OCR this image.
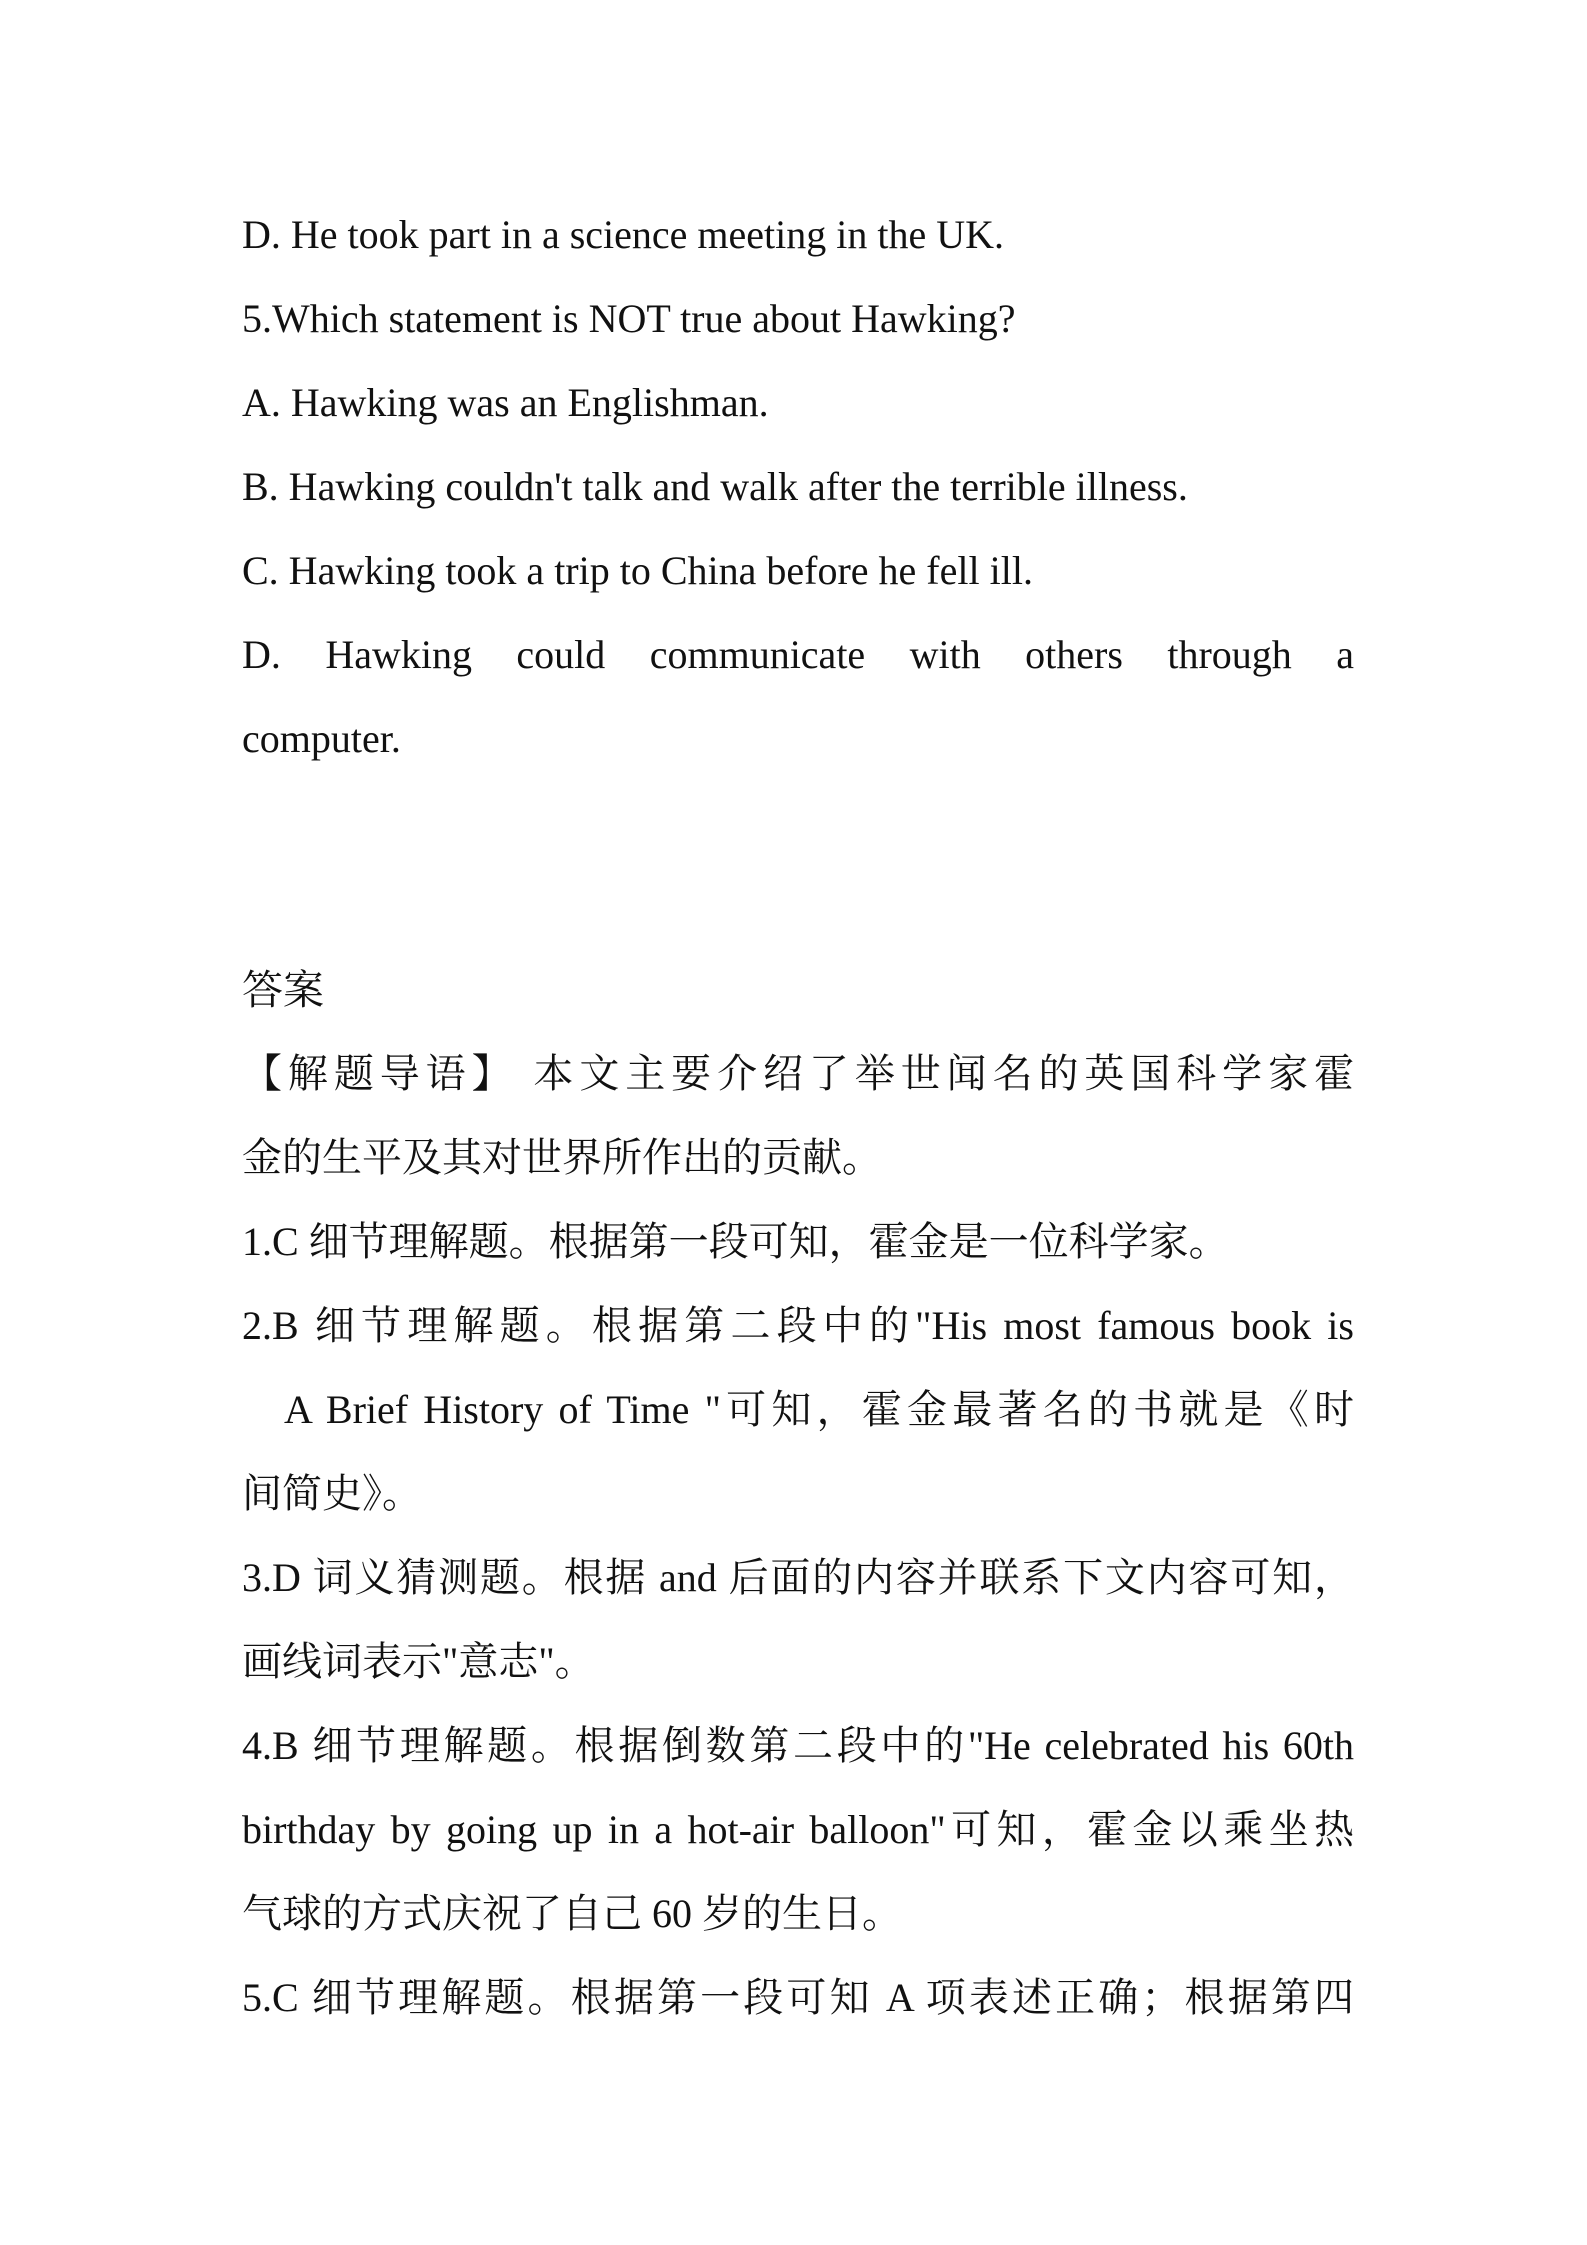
D. He took part in a science meeting in the UK.
5.Which statement is NOT true about Hawking?
A. Hawking was an Englishman.
B. Hawking couldn't talk and walk after the terrible illness.
C. Hawking took a trip to China before he fell ill.
D. Hawking could communicate with others through a
computer.
答案
【解题导语】 本文主要介绍了举世闻名的英国科学家霍
金的生平及其对世界所作出的贡献。
1.C 细节理解题。根据第一段可知，霍金是一位科学家。
2.B 细节理解题。根据第二段中的"His most famous book is
A Brief History of Time "可知，霍金最著名的书就是《时
间简史》。
3.D 词义猜测题。根据 and 后面的内容并联系下文内容可知，
画线词表示"意志"。
4.B 细节理解题。根据倒数第二段中的"He celebrated his 60th
birthday by going up in a hot-air balloon"可知，霍金以乘坐热
气球的方式庆祝了自己 60 岁的生日。
5.C 细节理解题。根据第一段可知 A 项表述正确；根据第四
